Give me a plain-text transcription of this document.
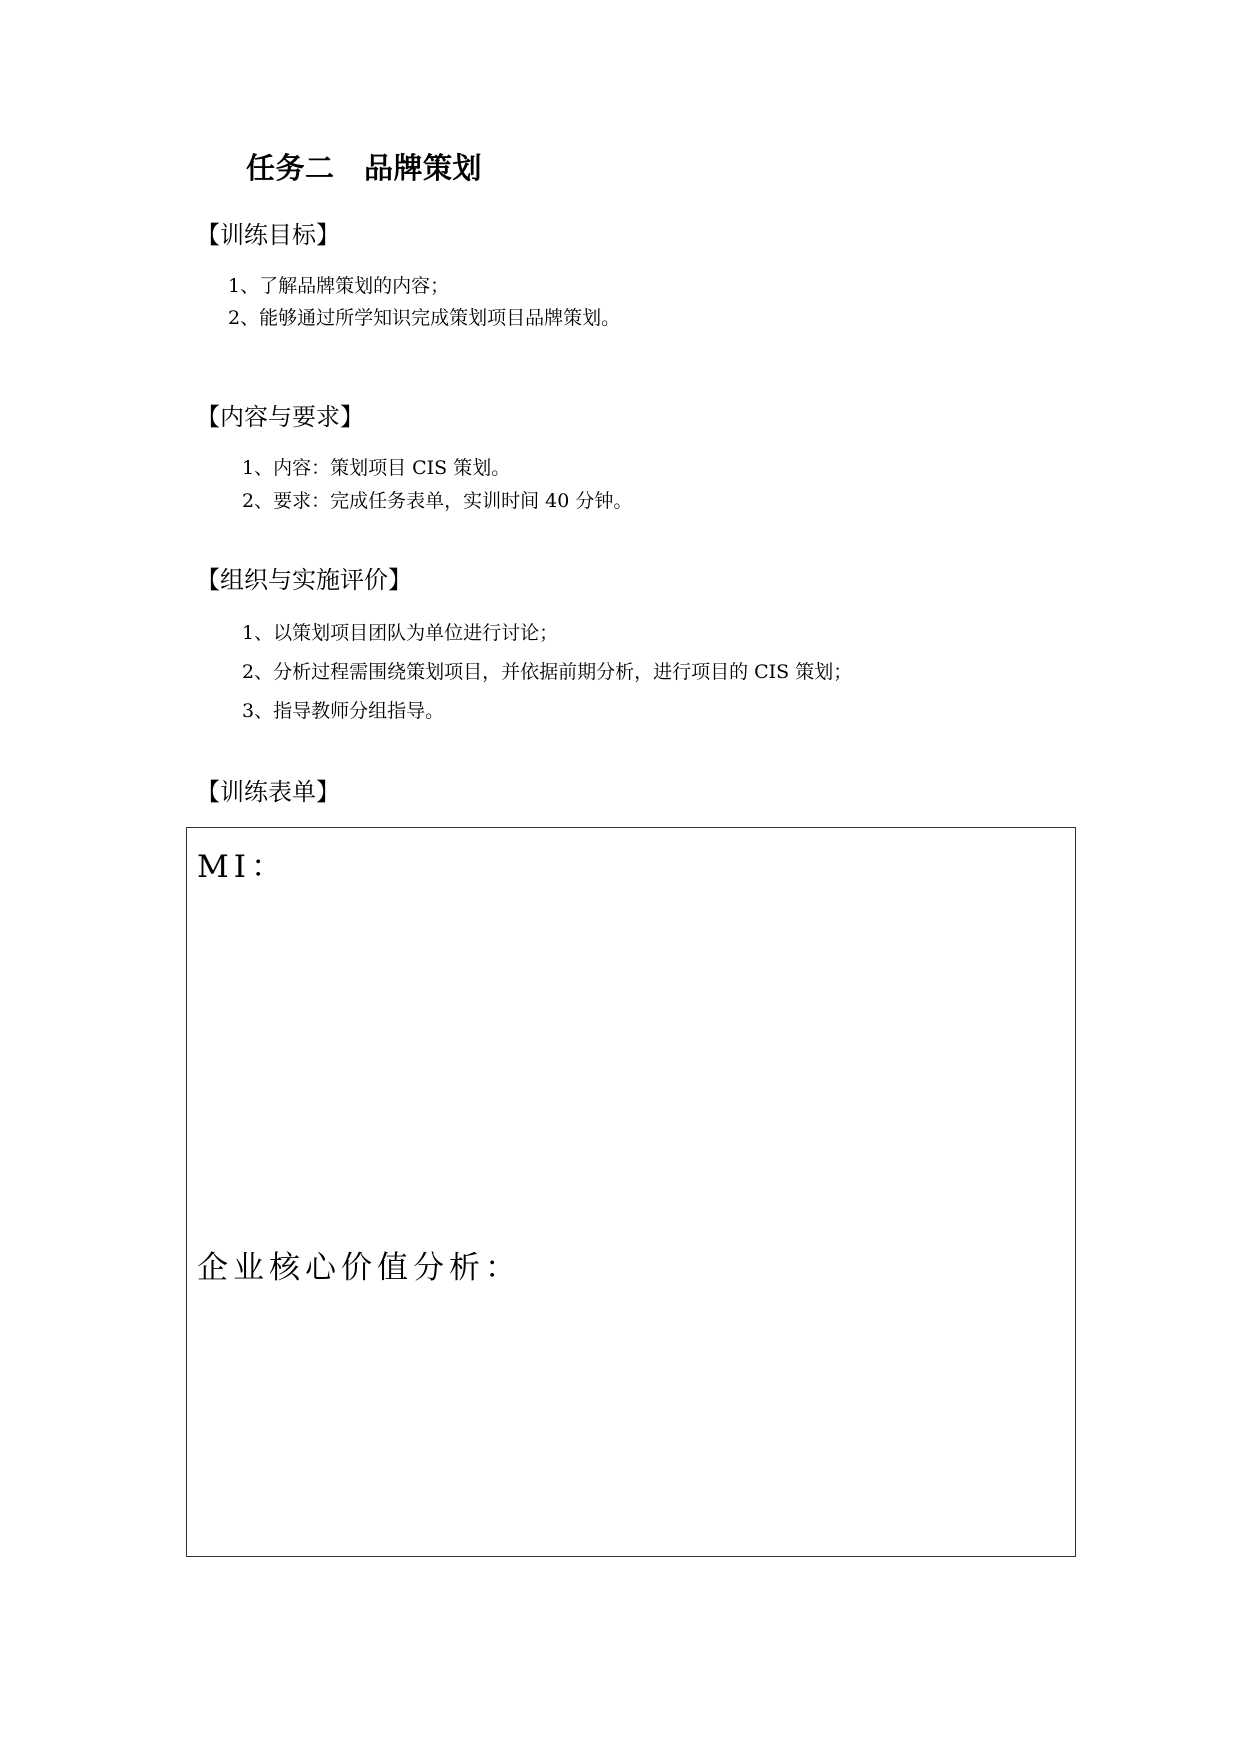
任务二　品牌策划
【训练目标】
1、了解品牌策划的内容；
2、能够通过所学知识完成策划项目品牌策划。
【内容与要求】
1、内容：策划项目 CIS 策划。
2、要求：完成任务表单，实训时间 40 分钟。
【组织与实施评价】
1、以策划项目团队为单位进行讨论；
2、分析过程需围绕策划项目，并依据前期分析，进行项目的 CIS 策划；
3、指导教师分组指导。
【训练表单】
MI：
企业核心价值分析：
